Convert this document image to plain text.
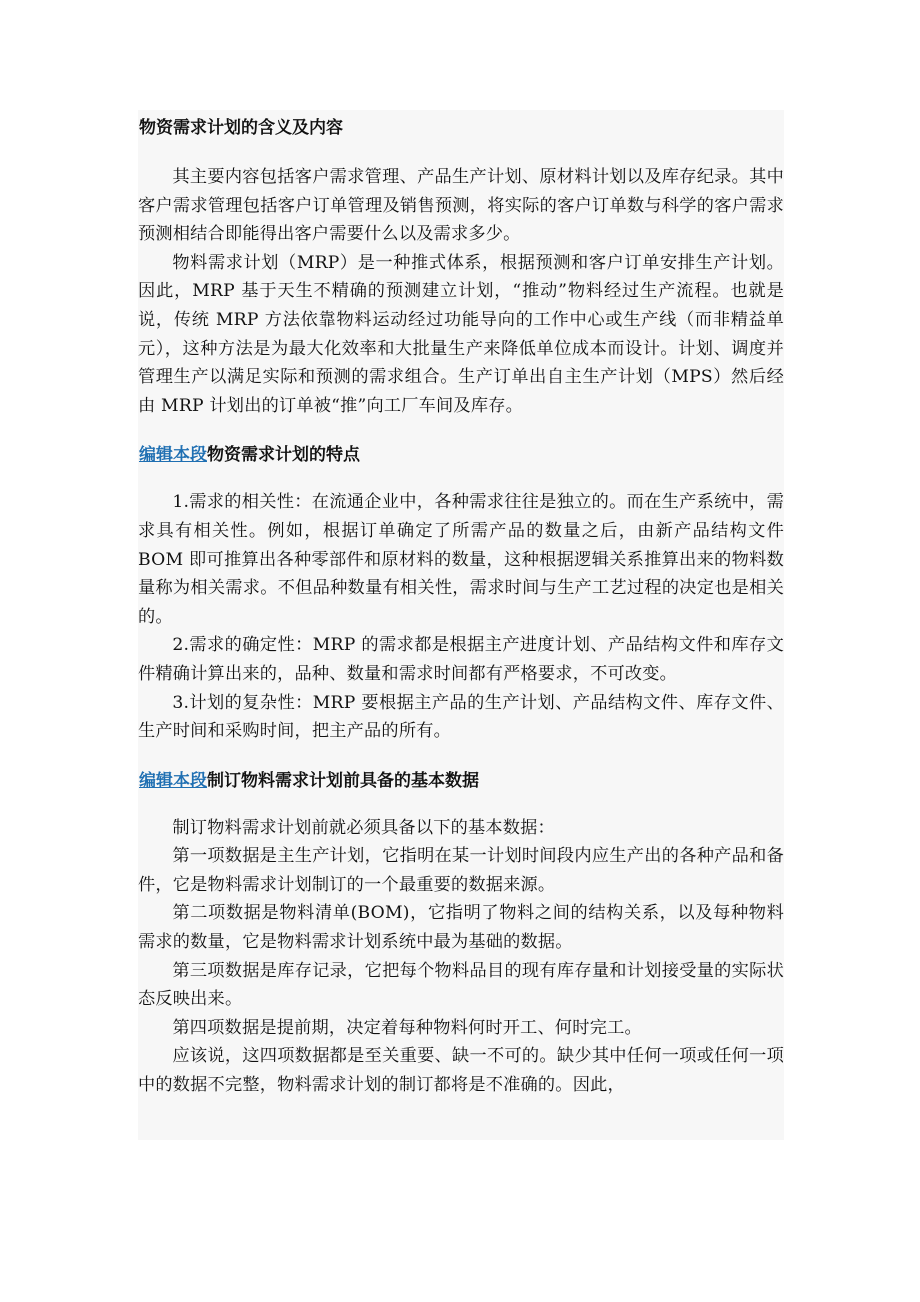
物资需求计划的含义及内容

其主要内容包括客户需求管理、产品生产计划、原材料计划以及库存纪录。其中客户需求管理包括客户订单管理及销售预测，将实际的客户订单数与科学的客户需求预测相结合即能得出客户需要什么以及需求多少。

物料需求计划（MRP）是一种推式体系，根据预测和客户订单安排生产计划。因此，MRP 基于天生不精确的预测建立计划，“推动”物料经过生产流程。也就是说，传统 MRP 方法依靠物料运动经过功能导向的工作中心或生产线（而非精益单元），这种方法是为最大化效率和大批量生产来降低单位成本而设计。计划、调度并管理生产以满足实际和预测的需求组合。生产订单出自主生产计划（MPS）然后经由 MRP 计划出的订单被“推”向工厂车间及库存。

编辑本段物资需求计划的特点

1.需求的相关性：在流通企业中，各种需求往往是独立的。而在生产系统中，需求具有相关性。例如，根据订单确定了所需产品的数量之后，由新产品结构文件 BOM 即可推算出各种零部件和原材料的数量，这种根据逻辑关系推算出来的物料数量称为相关需求。不但品种数量有相关性，需求时间与生产工艺过程的决定也是相关的。

2.需求的确定性：MRP 的需求都是根据主产进度计划、产品结构文件和库存文件精确计算出来的，品种、数量和需求时间都有严格要求，不可改变。

3.计划的复杂性：MRP 要根据主产品的生产计划、产品结构文件、库存文件、生产时间和采购时间，把主产品的所有。

编辑本段制订物料需求计划前具备的基本数据

制订物料需求计划前就必须具备以下的基本数据：

第一项数据是主生产计划，它指明在某一计划时间段内应生产出的各种产品和备件，它是物料需求计划制订的一个最重要的数据来源。

第二项数据是物料清单(BOM)，它指明了物料之间的结构关系，以及每种物料需求的数量，它是物料需求计划系统中最为基础的数据。

第三项数据是库存记录，它把每个物料品目的现有库存量和计划接受量的实际状态反映出来。

第四项数据是提前期，决定着每种物料何时开工、何时完工。

应该说，这四项数据都是至关重要、缺一不可的。缺少其中任何一项或任何一项中的数据不完整，物料需求计划的制订都将是不准确的。因此，
